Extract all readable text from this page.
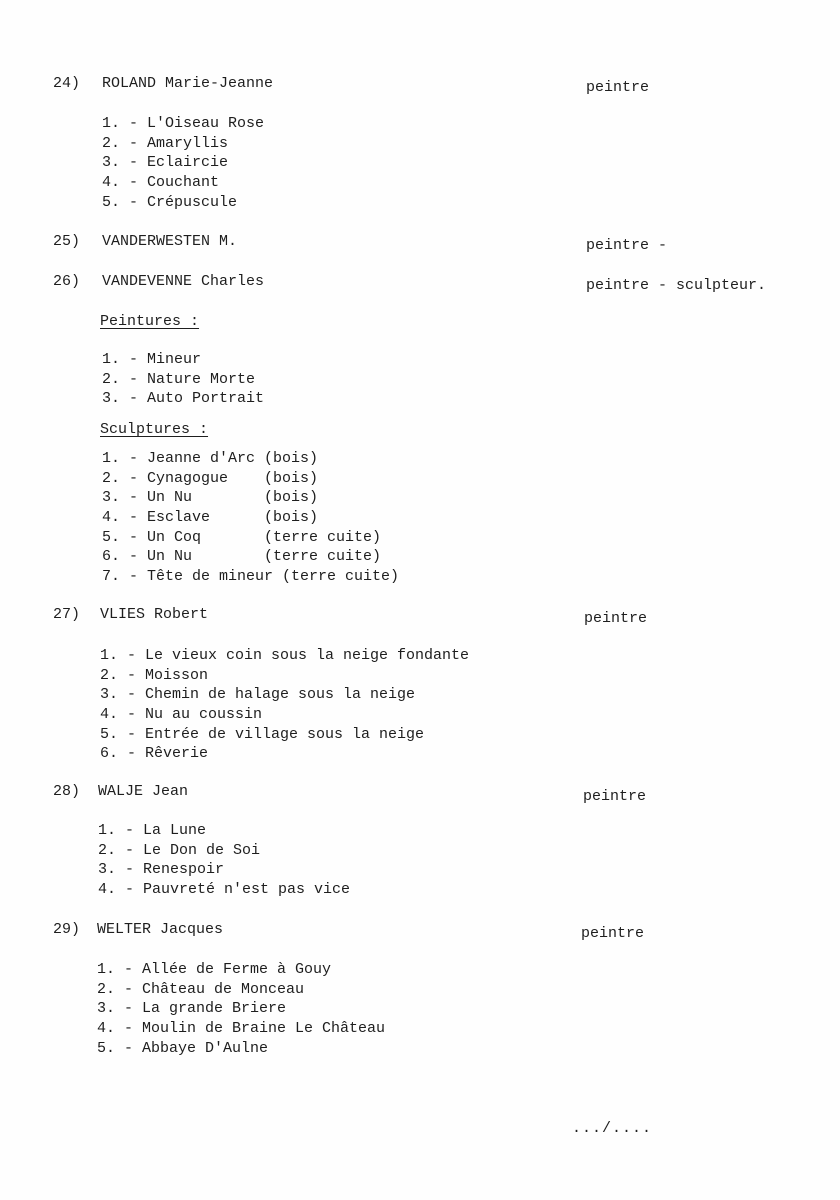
24) ROLAND Marie-Jeanne	peintre
1. - L'Oiseau Rose
2. - Amaryllis
3. - Eclaircie
4. - Couchant
5. - Crépuscule
25) VANDERWESTEN M.	peintre -
26) VANDEVENNE Charles	peintre - sculpteur.
Peintures :
1. - Mineur
2. - Nature Morte
3. - Auto Portrait
Sculptures :
1. - Jeanne d'Arc (bois)
2. - Cynagogue    (bois)
3. - Un Nu        (bois)
4. - Esclave      (bois)
5. - Un Coq       (terre cuite)
6. - Un Nu        (terre cuite)
7. - Tête de mineur (terre cuite)
27) VLIES Robert	peintre
1. - Le vieux coin sous la neige fondante
2. - Moisson
3. - Chemin de halage sous la neige
4. - Nu au coussin
5. - Entrée de village sous la neige
6. - Rêverie
28) WALJE Jean	peintre
1. - La Lune
2. - Le Don de Soi
3. - Renespoir
4. - Pauvreté n'est pas vice
29) WELTER Jacques	peintre
1. - Allée de Ferme à Gouy
2. - Château de Monceau
3. - La grande Briere
4. - Moulin de Braine Le Château
5. - Abbaye D'Aulne
.../....
